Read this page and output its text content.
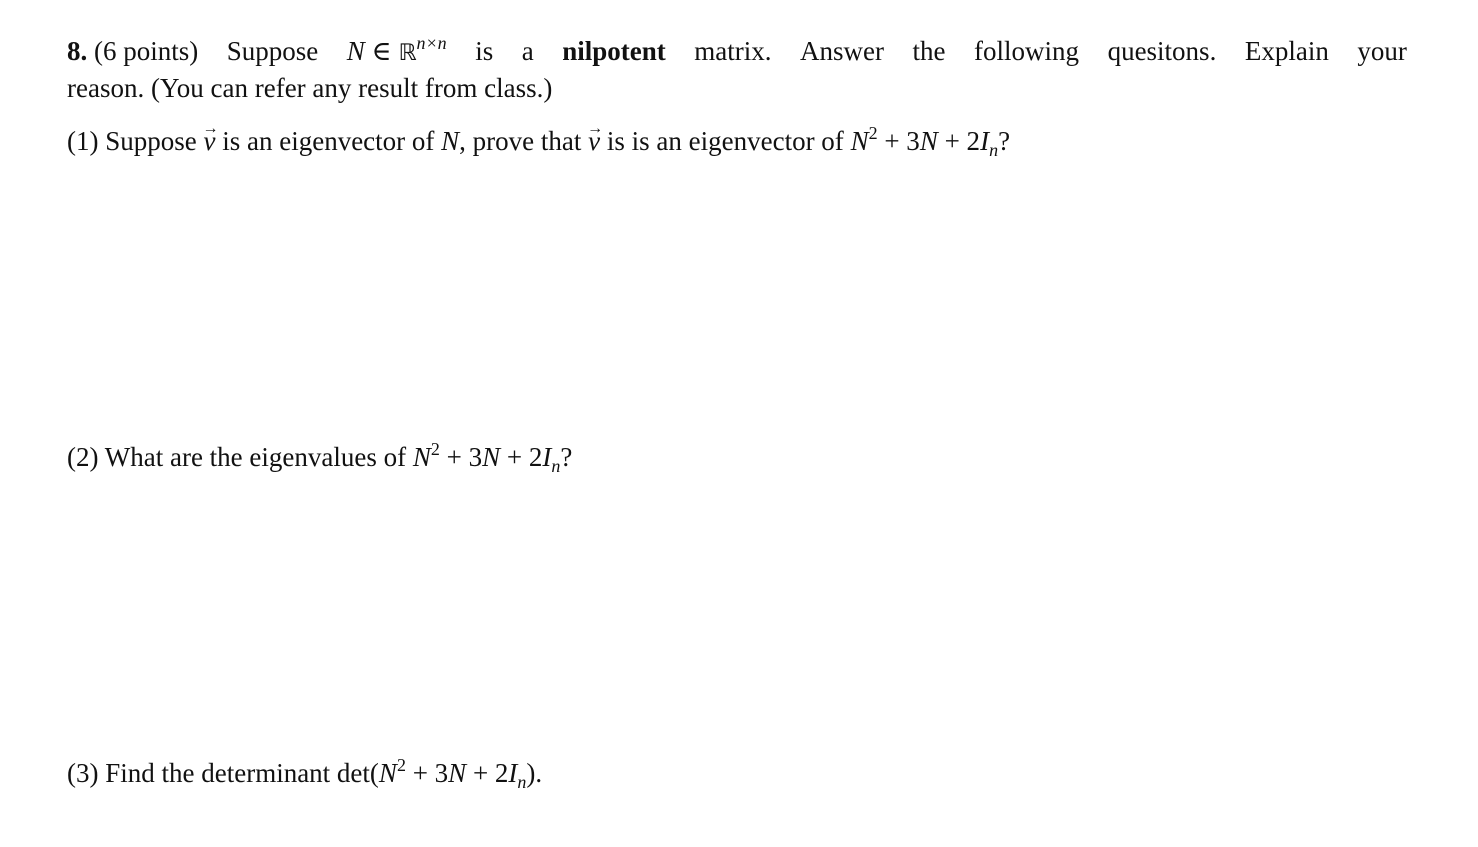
8. (6 points) Suppose N ∈ ℝ$^{n\times n}$ is a nilpotent matrix. Answer the following quesitons. Explain your
reason. (You can refer any result from class.)
(1) Suppose → v is an eigenvector of N, prove that → v is is an eigenvector of $N^2 + 3N + 2I_n$?
(2) What are the eigenvalues of $N^2 + 3N + 2I_n$?
(3) Find the determinant $\det(N^2 + 3N + 2I_n)$.
